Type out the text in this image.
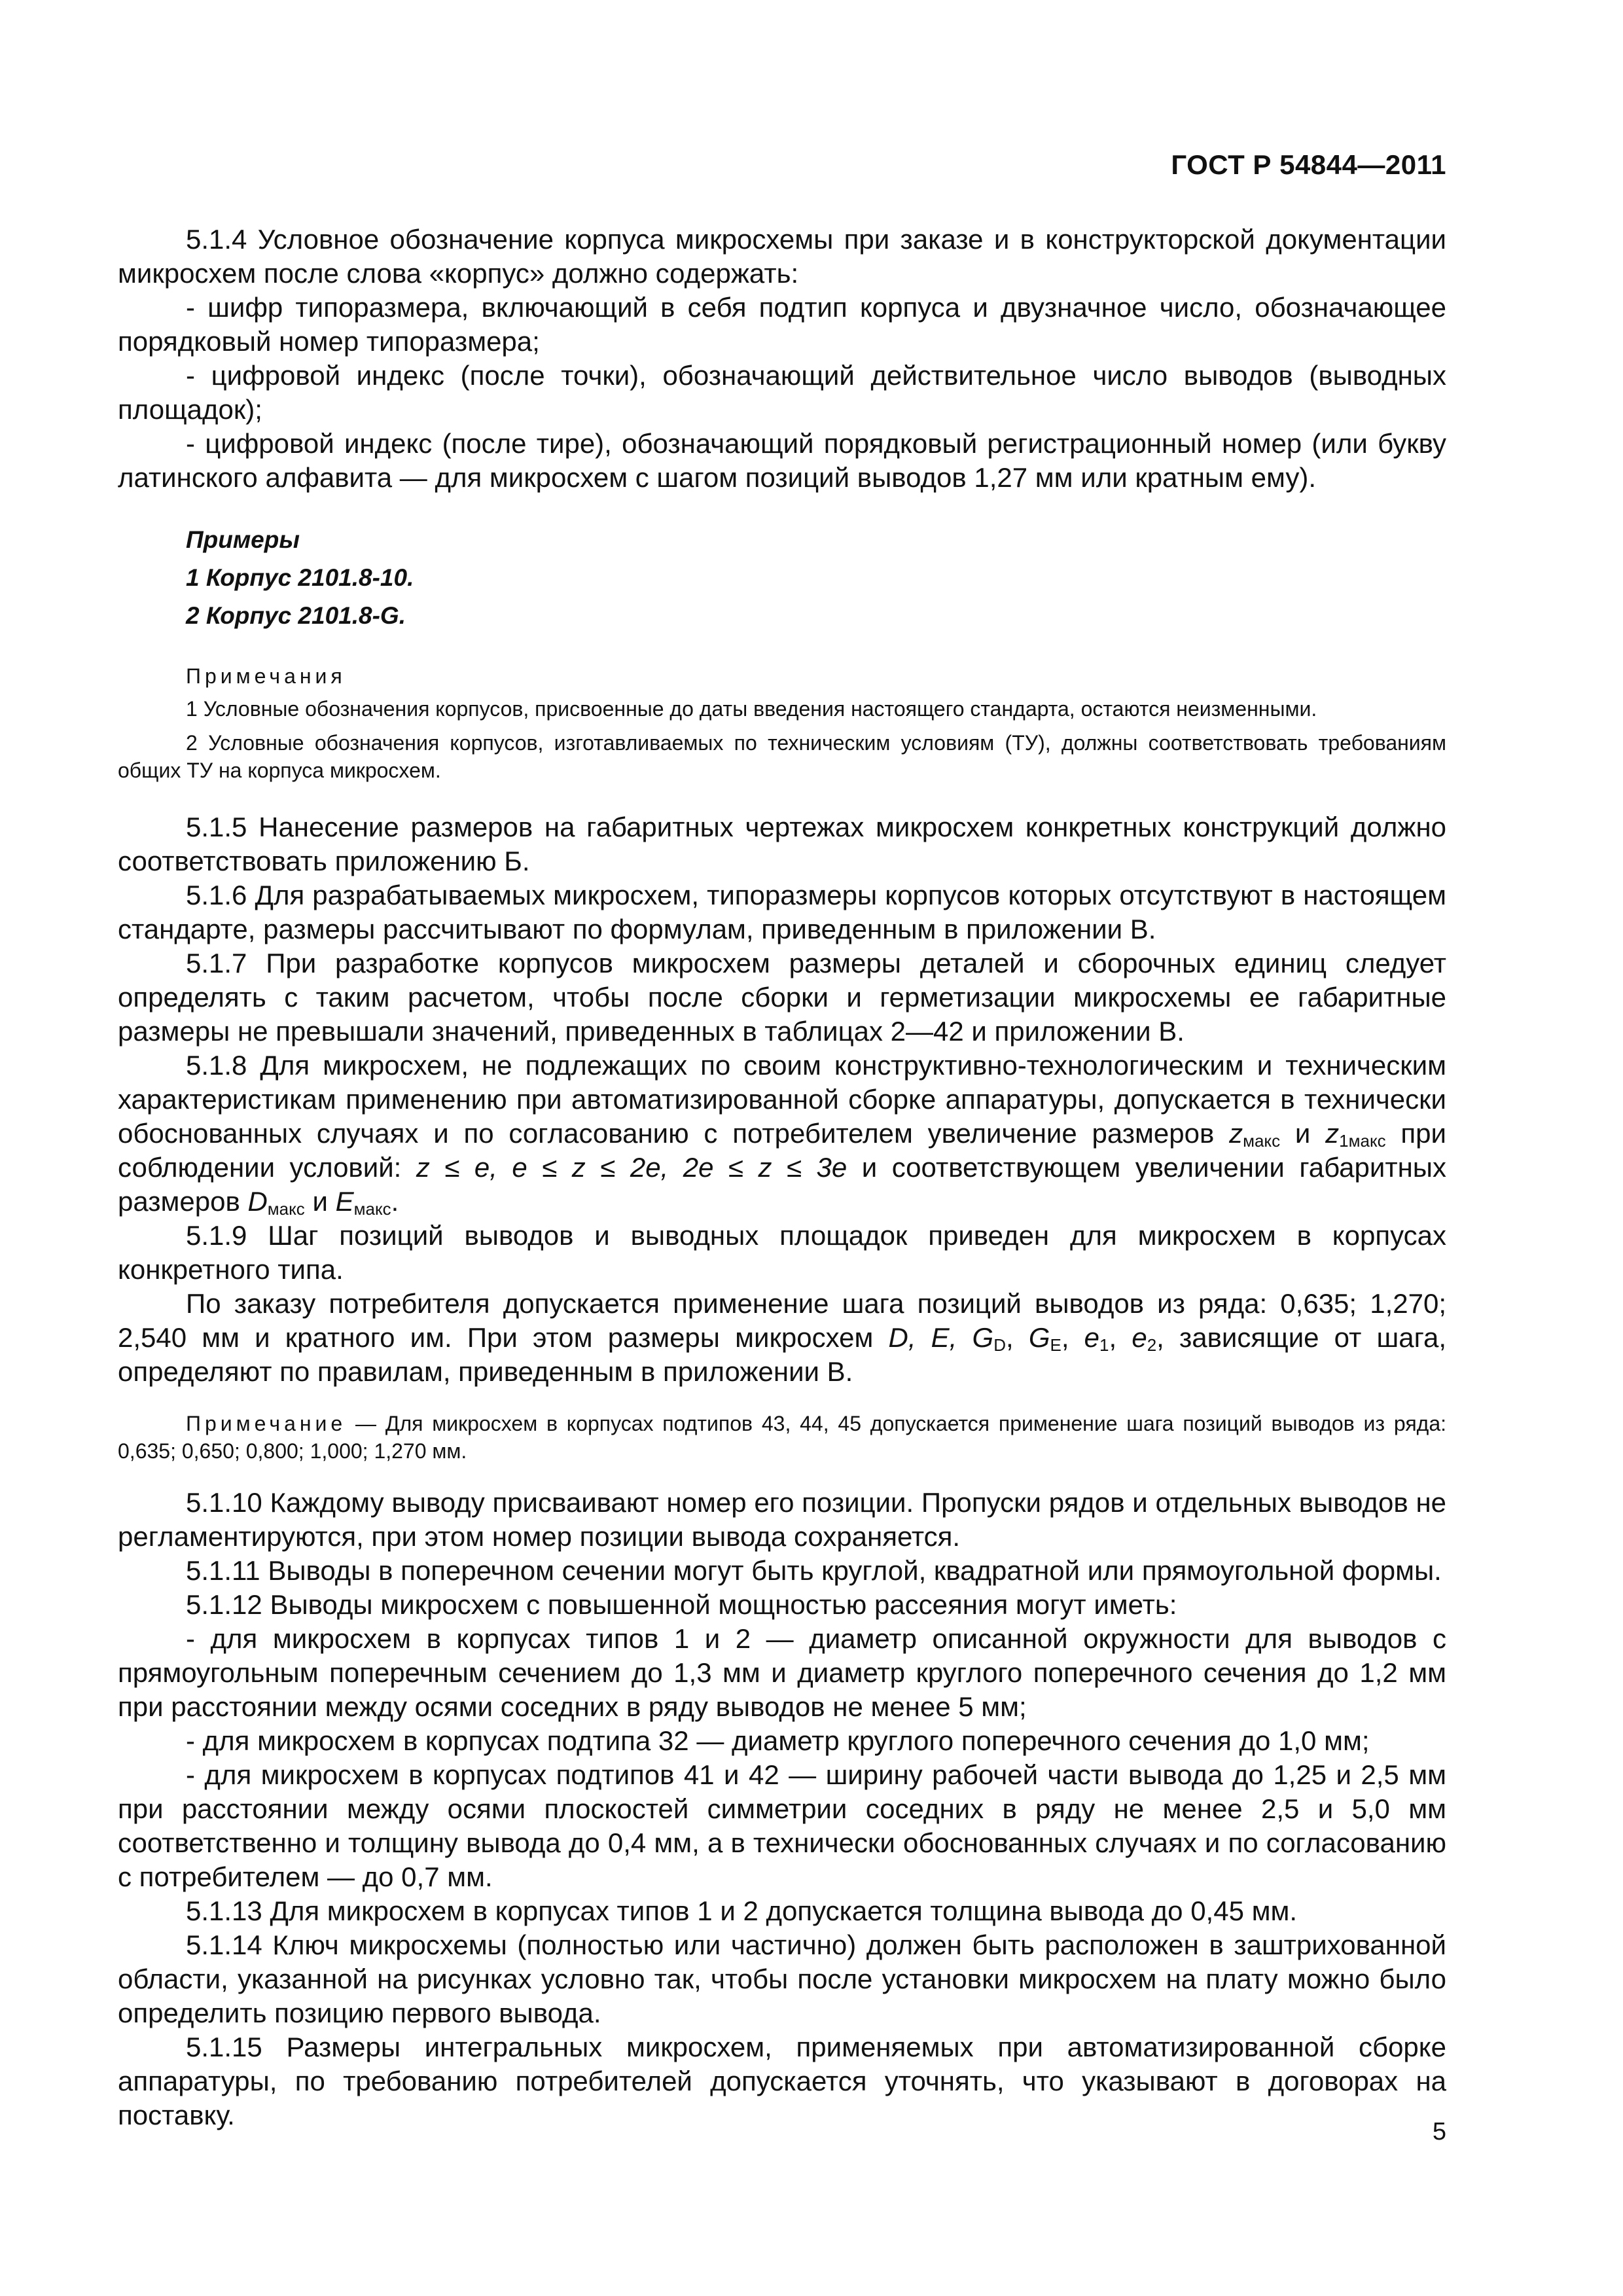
ГОСТ Р 54844—2011

5.1.4 Условное обозначение корпуса микросхемы при заказе и в конструкторской документации микросхем после слова «корпус» должно содержать:

- шифр типоразмера, включающий в себя подтип корпуса и двузначное число, обозначающее порядковый номер типоразмера;

- цифровой индекс (после точки), обозначающий действительное число выводов (выводных площадок);

- цифровой индекс (после тире), обозначающий порядковый регистрационный номер (или букву латинского алфавита — для микросхем с шагом позиций выводов 1,27 мм или кратным ему).

Примеры
1 Корпус 2101.8-10.
2 Корпус 2101.8-G.
Примечания

1 Условные обозначения корпусов, присвоенные до даты введения настоящего стандарта, остаются неизменными.

2 Условные обозначения корпусов, изготавливаемых по техническим условиям (ТУ), должны соответствовать требованиям общих ТУ на корпуса микросхем.

5.1.5 Нанесение размеров на габаритных чертежах микросхем конкретных конструкций должно соответствовать приложению Б.

5.1.6 Для разрабатываемых микросхем, типоразмеры корпусов которых отсутствуют в настоящем стандарте, размеры рассчитывают по формулам, приведенным в приложении В.

5.1.7 При разработке корпусов микросхем размеры деталей и сборочных единиц следует определять с таким расчетом, чтобы после сборки и герметизации микросхемы ее габаритные размеры не превышали значений, приведенных в таблицах 2—42 и приложении В.

5.1.8 Для микросхем, не подлежащих по своим конструктивно-технологическим и техническим характеристикам применению при автоматизированной сборке аппаратуры, допускается в технически обоснованных случаях и по согласованию с потребителем увеличение размеров $z_{макс}$ и $z_{1макс}$ при соблюдении условий: z ≤ e, e ≤ z ≤ 2e, 2e ≤ z ≤ 3e и соответствующем увеличении габаритных размеров $D_{макс}$ и $E_{макс}$.

5.1.9 Шаг позиций выводов и выводных площадок приведен для микросхем в корпусах конкретного типа.

По заказу потребителя допускается применение шага позиций выводов из ряда: 0,635; 1,270; 2,540 мм и кратного им. При этом размеры микросхем D, E, $G_D$, $G_E$, $e_1$, $e_2$, зависящие от шага, определяют по правилам, приведенным в приложении В.

Примечание — Для микросхем в корпусах подтипов 43, 44, 45 допускается применение шага позиций выводов из ряда: 0,635; 0,650; 0,800; 1,000; 1,270 мм.

5.1.10 Каждому выводу присваивают номер его позиции. Пропуски рядов и отдельных выводов не регламентируются, при этом номер позиции вывода сохраняется.

5.1.11 Выводы в поперечном сечении могут быть круглой, квадратной или прямоугольной формы.

5.1.12 Выводы микросхем с повышенной мощностью рассеяния могут иметь:

- для микросхем в корпусах типов 1 и 2 — диаметр описанной окружности для выводов с прямоугольным поперечным сечением до 1,3 мм и диаметр круглого поперечного сечения до 1,2 мм при расстоянии между осями соседних в ряду выводов не менее 5 мм;

- для микросхем в корпусах подтипа 32 — диаметр круглого поперечного сечения до 1,0 мм;

- для микросхем в корпусах подтипов 41 и 42 — ширину рабочей части вывода до 1,25 и 2,5 мм при расстоянии между осями плоскостей симметрии соседних в ряду не менее 2,5 и 5,0 мм соответственно и толщину вывода до 0,4 мм, а в технически обоснованных случаях и по согласованию с потребителем — до 0,7 мм.

5.1.13 Для микросхем в корпусах типов 1 и 2 допускается толщина вывода до 0,45 мм.

5.1.14 Ключ микросхемы (полностью или частично) должен быть расположен в заштрихованной области, указанной на рисунках условно так, чтобы после установки микросхем на плату можно было определить позицию первого вывода.

5.1.15 Размеры интегральных микросхем, применяемых при автоматизированной сборке аппаратуры, по требованию потребителей допускается уточнять, что указывают в договорах на поставку.

5
